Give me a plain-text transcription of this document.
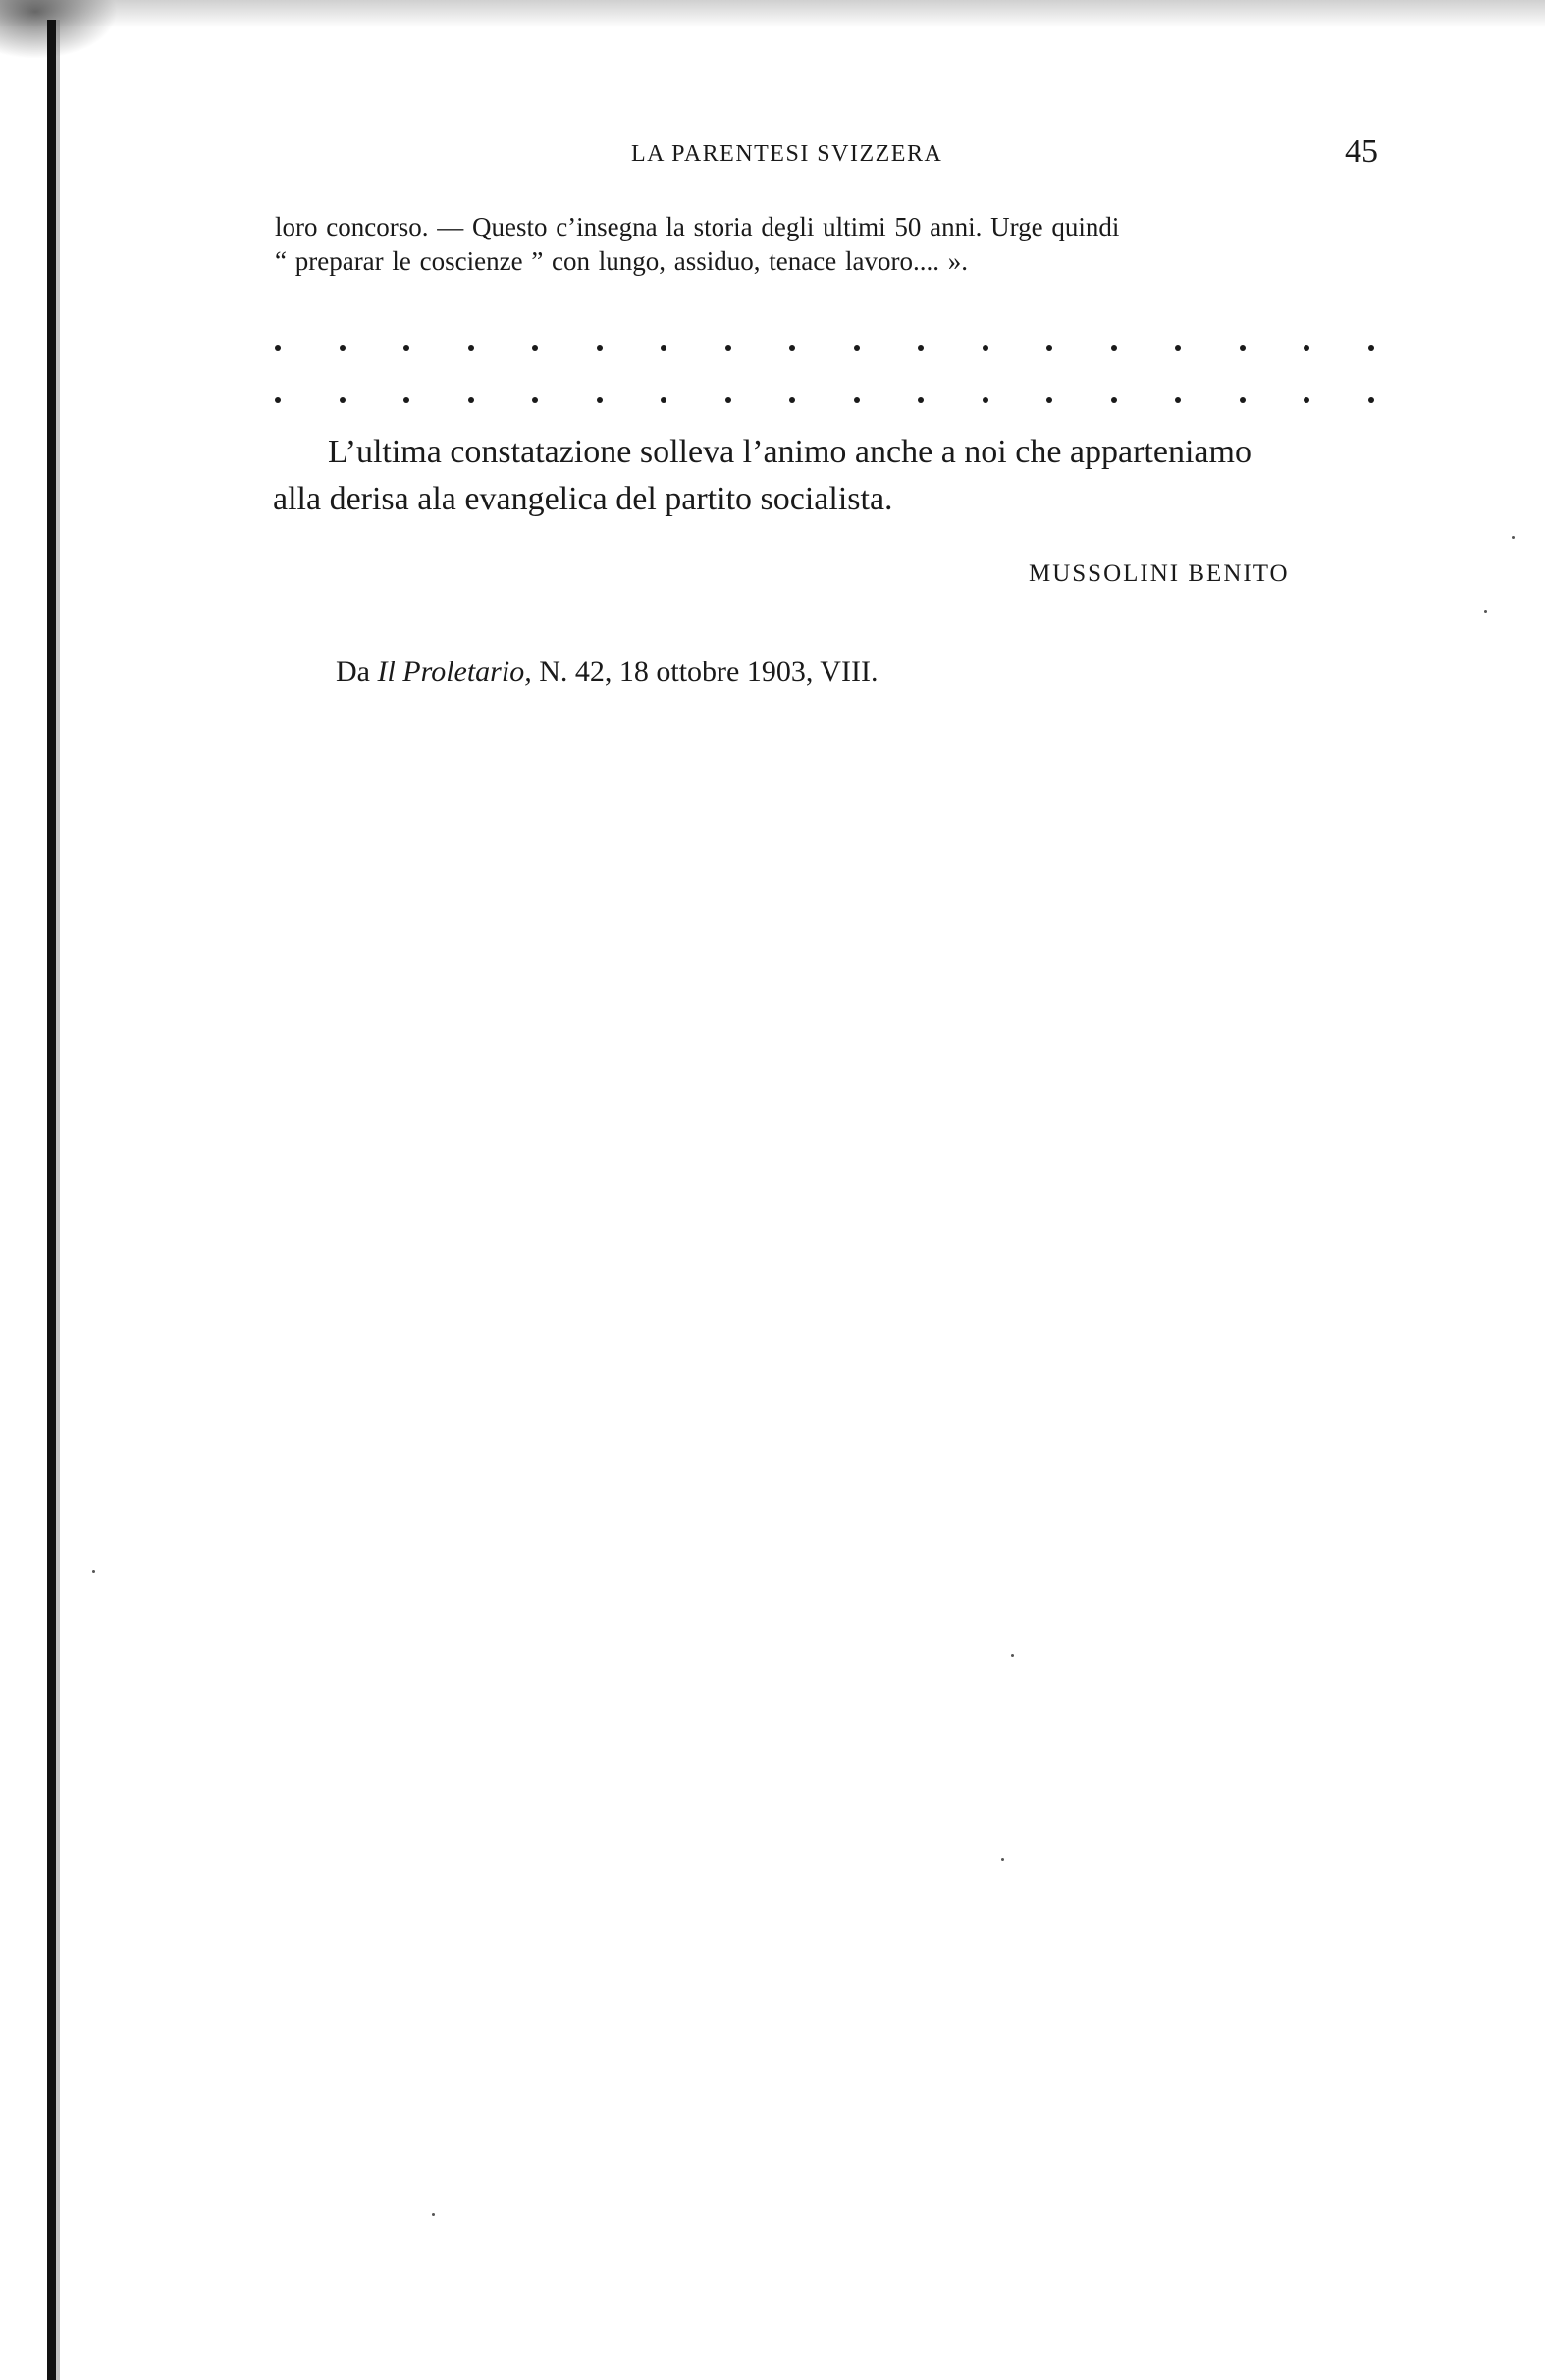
LA PARENTESI SVIZZERA	45
loro concorso. — Questo c’insegna la storia degli ultimi 50 anni. Urge quindi
“ preparar le coscienze ” con lungo, assiduo, tenace lavoro.... ».
L’ultima constatazione solleva l’animo anche a noi che apparteniamo
alla derisa ala evangelica del partito socialista.
MUSSOLINI BENITO
Da Il Proletario, N. 42, 18 ottobre 1903, VIII.
